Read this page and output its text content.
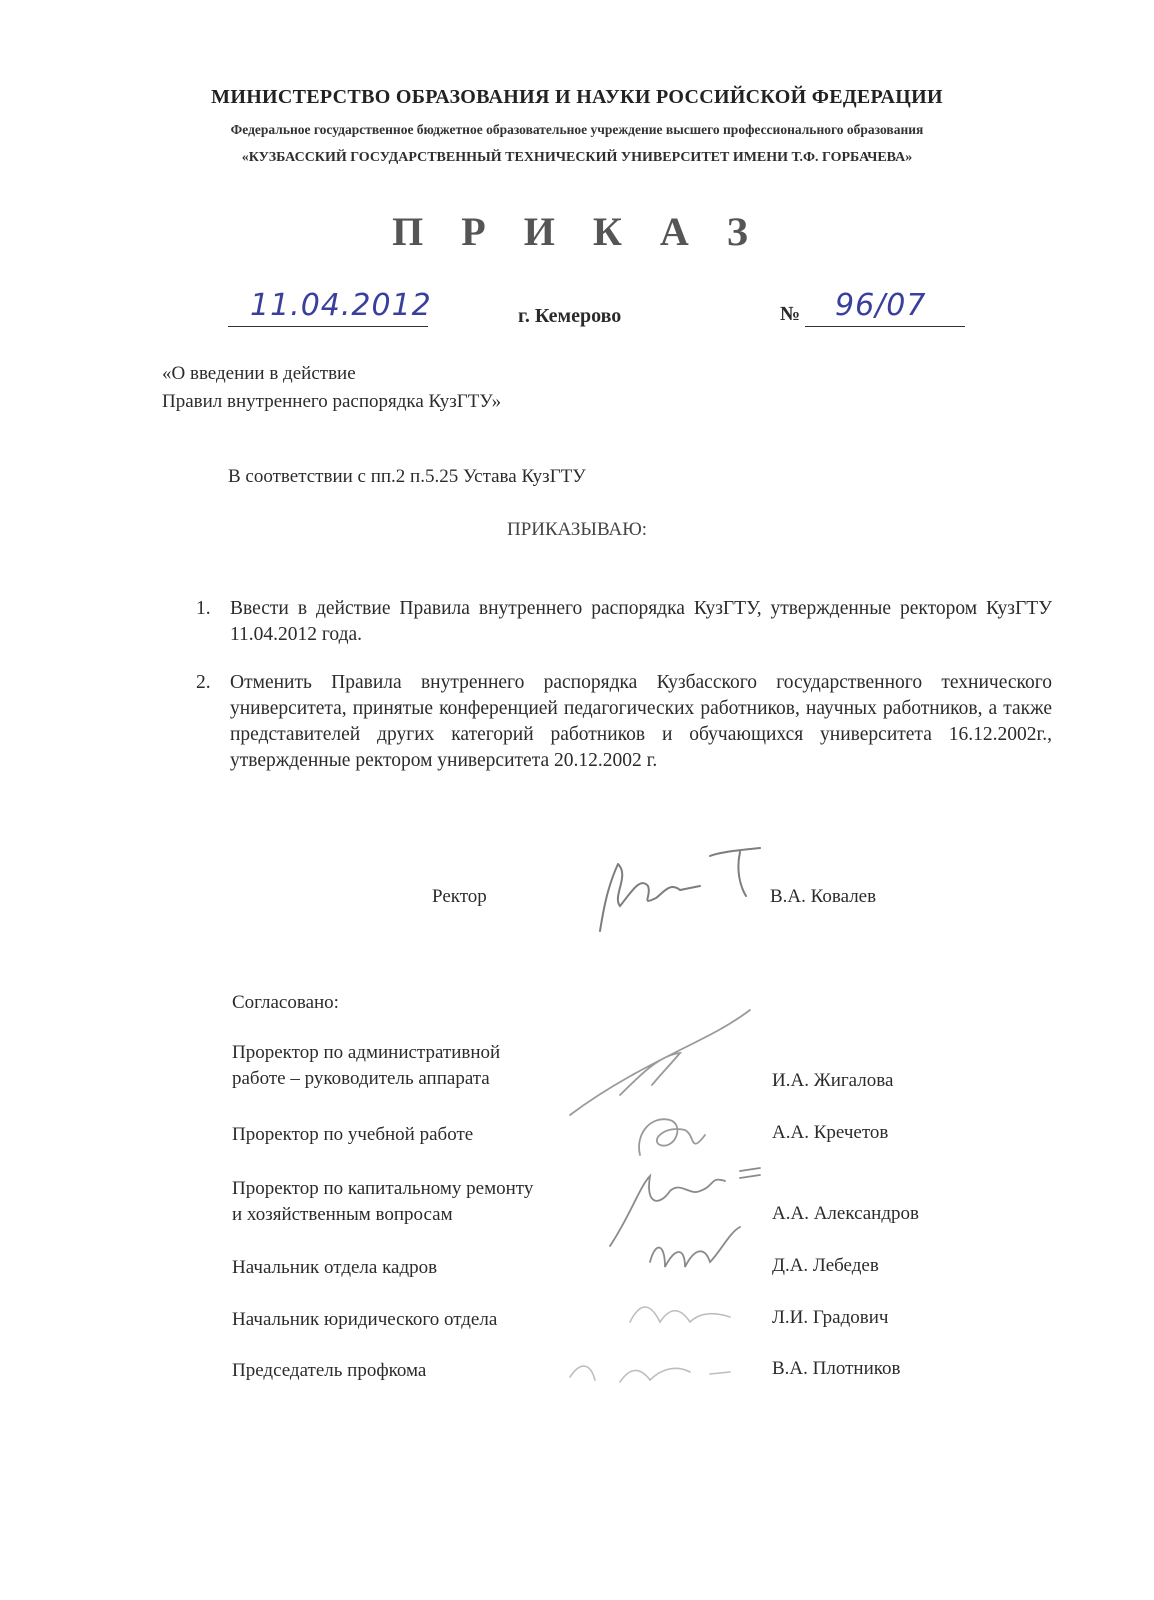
МИНИСТЕРСТВО ОБРАЗОВАНИЯ И НАУКИ РОССИЙСКОЙ ФЕДЕРАЦИИ
Федеральное государственное бюджетное образовательное учреждение высшего профессионального образования
«КУЗБАССКИЙ ГОСУДАРСТВЕННЫЙ ТЕХНИЧЕСКИЙ УНИВЕРСИТЕТ ИМЕНИ Т.Ф. ГОРБАЧЕВА»
П Р И К А З
11.04.2012	г. Кемерово	№ 96/07
«О введении в действие
Правил внутреннего распорядка КузГТУ»
В соответствии с пп.2 п.5.25 Устава КузГТУ
ПРИКАЗЫВАЮ:
1. Ввести в действие Правила внутреннего распорядка КузГТУ, утвержденные ректором КузГТУ 11.04.2012 года.
2. Отменить Правила внутреннего распорядка Кузбасского государственного технического университета, принятые конференцией педагогических работников, научных работников, а также представителей других категорий работников и обучающихся университета 16.12.2002г., утвержденные ректором университета 20.12.2002 г.
Ректор	В.А. Ковалев
Согласовано:
Проректор по административной
работе – руководитель аппарата	И.А. Жигалова
Проректор по учебной работе	А.А. Кречетов
Проректор по капитальному ремонту
и хозяйственным вопросам	А.А. Александров
Начальник отдела кадров	Д.А. Лебедев
Начальник юридического отдела	Л.И. Градович
Председатель профкома	В.А. Плотников
